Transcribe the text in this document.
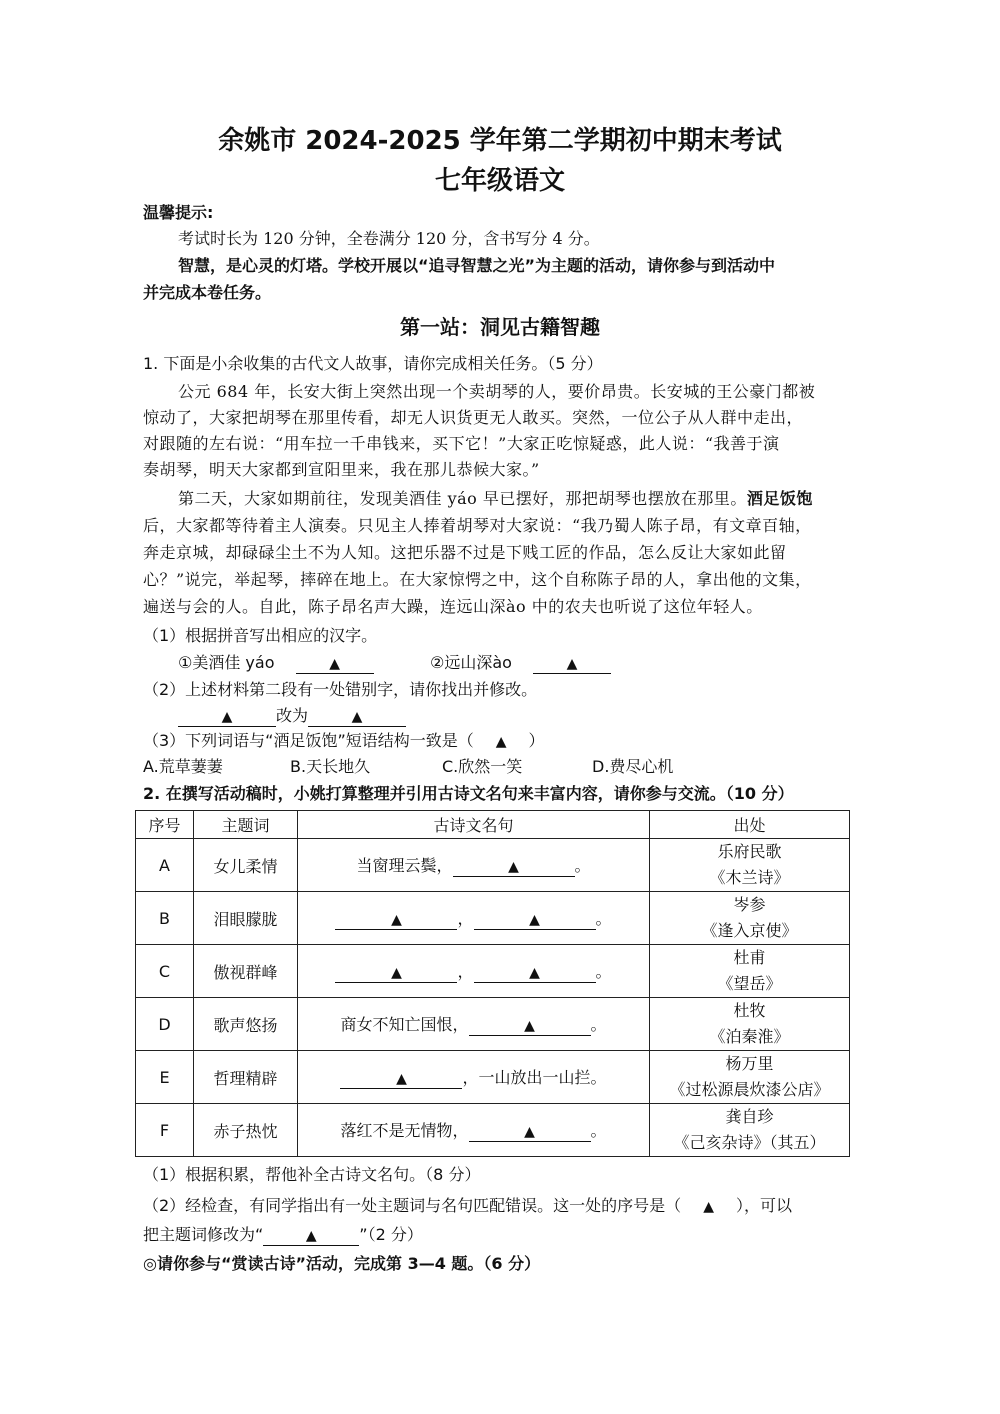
余姚市 2024-2025 学年第二学期初中期末考试
七年级语文
温馨提示:
考试时长为 120 分钟，全卷满分 120 分，含书写分 4 分。
智慧，是心灵的灯塔。学校开展以“追寻智慧之光”为主题的活动，请你参与到活动中
并完成本卷任务。
第一站：洞见古籍智趣
1. 下面是小余收集的古代文人故事，请你完成相关任务。（5 分）
公元 684 年，长安大街上突然出现一个卖胡琴的人，要价昂贵。长安城的王公豪门都被
惊动了，大家把胡琴在那里传看，却无人识货更无人敢买。突然，一位公子从人群中走出，
对跟随的左右说：“用车拉一千串钱来，买下它！”大家正吃惊疑惑，此人说：“我善于演
奏胡琴，明天大家都到宣阳里来，我在那儿恭候大家。”
第二天，大家如期前往，发现美酒佳 yáo 早已摆好，那把胡琴也摆放在那里。酒足饭饱
后，大家都等待着主人演奏。只见主人捧着胡琴对大家说：“我乃蜀人陈子昂，有文章百轴，
奔走京城，却碌碌尘土不为人知。这把乐器不过是下贱工匠的作品，怎么反让大家如此留
心？”说完，举起琴，摔碎在地上。在大家惊愕之中，这个自称陈子昂的人，拿出他的文集，
遍送与会的人。自此，陈子昂名声大躁，连远山深ào 中的农夫也听说了这位年轻人。
（1）根据拼音写出相应的汉字。
①美酒佳 yáo	▲	②远山深ào	▲
（2）上述材料第二段有一处错别字，请你找出并修改。
▲	改为	▲
（3）下列词语与“酒足饭饱”短语结构一致是（ ▲ ）
A.荒草萋萋	B.天长地久	C.欣然一笑	D.费尽心机
2. 在撰写活动稿时，小姚打算整理并引用古诗文名句来丰富内容，请你参与交流。（10 分）
序号	主题词	古诗文名句	出处
A	女儿柔情	当窗理云鬓， ▲ 。	乐府民歌
《木兰诗》

B	泪眼朦胧	▲ ， ▲ 。	岑参
《逢入京使》

C	傲视群峰	▲ ， ▲ 。	杜甫
《望岳》

D	歌声悠扬	商女不知亡国恨， ▲ 。	杜牧
《泊秦淮》

E	哲理精辟	▲ ，一山放出一山拦。	杨万里
《过松源晨炊漆公店》

F	赤子热忱	落红不是无情物， ▲ 。	龚自珍
《己亥杂诗》（其五）
（1）根据积累，帮他补全古诗文名句。（8 分）
（2）经检查，有同学指出有一处主题词与名句匹配错误。这一处的序号是（ ▲ ），可以
把主题词修改为“	▲	”（2 分）
◎请你参与“赏读古诗”活动，完成第 3—4 题。（6 分）
